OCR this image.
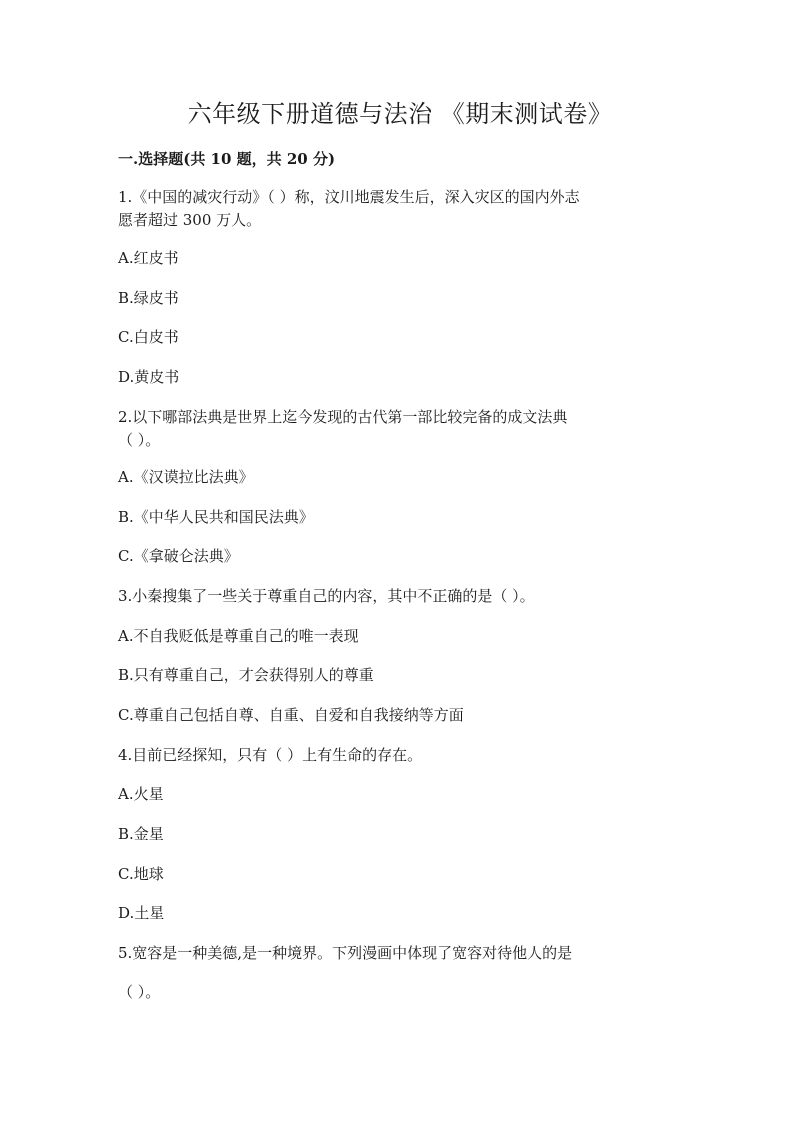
六年级下册道德与法治 《期末测试卷》
一.选择题(共 10 题，共 20 分)
1.《中国的减灾行动》（ ）称，汶川地震发生后，深入灾区的国内外志
愿者超过 300 万人。
A.红皮书
B.绿皮书
C.白皮书
D.黄皮书
2.以下哪部法典是世界上迄今发现的古代第一部比较完备的成文法典
（ ）。
A.《汉谟拉比法典》
B.《中华人民共和国民法典》
C.《拿破仑法典》
3.小秦搜集了一些关于尊重自己的内容，其中不正确的是（ ）。
A.不自我贬低是尊重自己的唯一表现
B.只有尊重自己，才会获得别人的尊重
C.尊重自己包括自尊、自重、自爱和自我接纳等方面
4.目前已经探知，只有（ ）上有生命的存在。
A.火星
B.金星
C.地球
D.土星
5.宽容是一种美德,是一种境界。下列漫画中体现了宽容对待他人的是
（ ）。
